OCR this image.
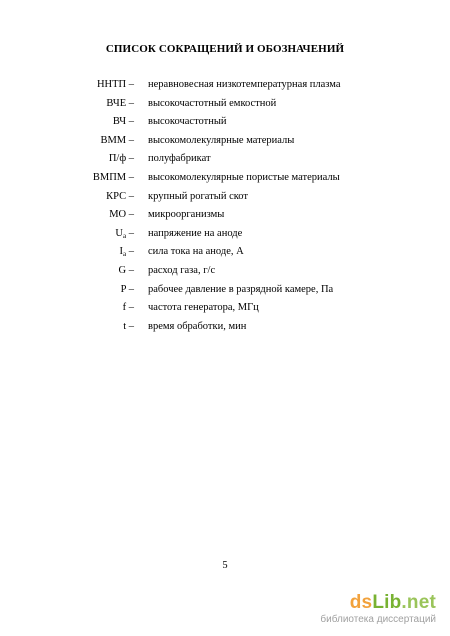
СПИСОК СОКРАЩЕНИЙ И ОБОЗНАЧЕНИЙ
ННТП – неравновесная низкотемпературная плазма
ВЧЕ – высокочастотный емкостной
ВЧ – высокочастотный
ВММ – высокомолекулярные материалы
П/ф – полуфабрикат
ВМПМ – высокомолекулярные пористые материалы
КРС – крупный рогатый скот
МО – микроорганизмы
Ua – напряжение на аноде
Ia – сила тока на аноде, А
G – расход газа, г/с
P – рабочее давление в разрядной камере, Па
f – частота генератора, МГц
t – время обработки, мин
5
dsLib.net
библиотека диссертаций
